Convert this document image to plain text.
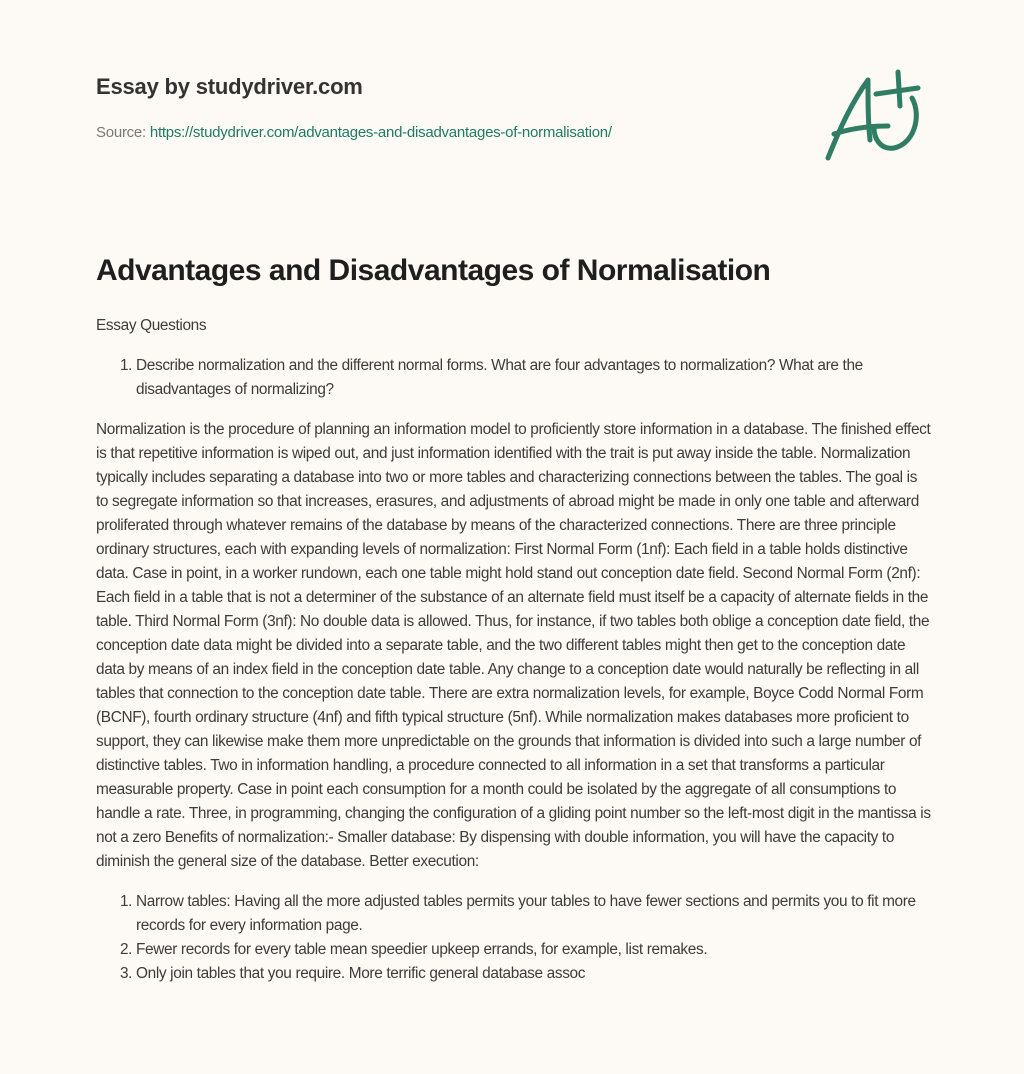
Essay by studydriver.com
Source: https://studydriver.com/advantages-and-disadvantages-of-normalisation/
Advantages and Disadvantages of Normalisation

Essay Questions

1. Describe normalization and the different normal forms. What are four advantages to normalization? What are the disadvantages of normalizing?

Normalization is the procedure of planning an information model to proficiently store information in a database. The finished effect is that repetitive information is wiped out, and just information identified with the trait is put away inside the table. Normalization typically includes separating a database into two or more tables and characterizing connections between the tables. The goal is to segregate information so that increases, erasures, and adjustments of abroad might be made in only one table and afterward proliferated through whatever remains of the database by means of the characterized connections. There are three principle ordinary structures, each with expanding levels of normalization: First Normal Form (1nf): Each field in a table holds distinctive data. Case in point, in a worker rundown, each one table might hold stand out conception date field. Second Normal Form (2nf): Each field in a table that is not a determiner of the substance of an alternate field must itself be a capacity of alternate fields in the table. Third Normal Form (3nf): No double data is allowed. Thus, for instance, if two tables both oblige a conception date field, the conception date data might be divided into a separate table, and the two different tables might then get to the conception date data by means of an index field in the conception date table. Any change to a conception date would naturally be reflecting in all tables that connection to the conception date table. There are extra normalization levels, for example, Boyce Codd Normal Form (BCNF), fourth ordinary structure (4nf) and fifth typical structure (5nf). While normalization makes databases more proficient to support, they can likewise make them more unpredictable on the grounds that information is divided into such a large number of distinctive tables. Two in information handling, a procedure connected to all information in a set that transforms a particular measurable property. Case in point each consumption for a month could be isolated by the aggregate of all consumptions to handle a rate. Three, in programming, changing the configuration of a gliding point number so the left-most digit in the mantissa is not a zero Benefits of normalization:- Smaller database: By dispensing with double information, you will have the capacity to diminish the general size of the database. Better execution:

1. Narrow tables: Having all the more adjusted tables permits your tables to have fewer sections and permits you to fit more records for every information page.
2. Fewer records for every table mean speedier upkeep errands, for example, list remakes.
3. Only join tables that you require. More terrific general database assoc
